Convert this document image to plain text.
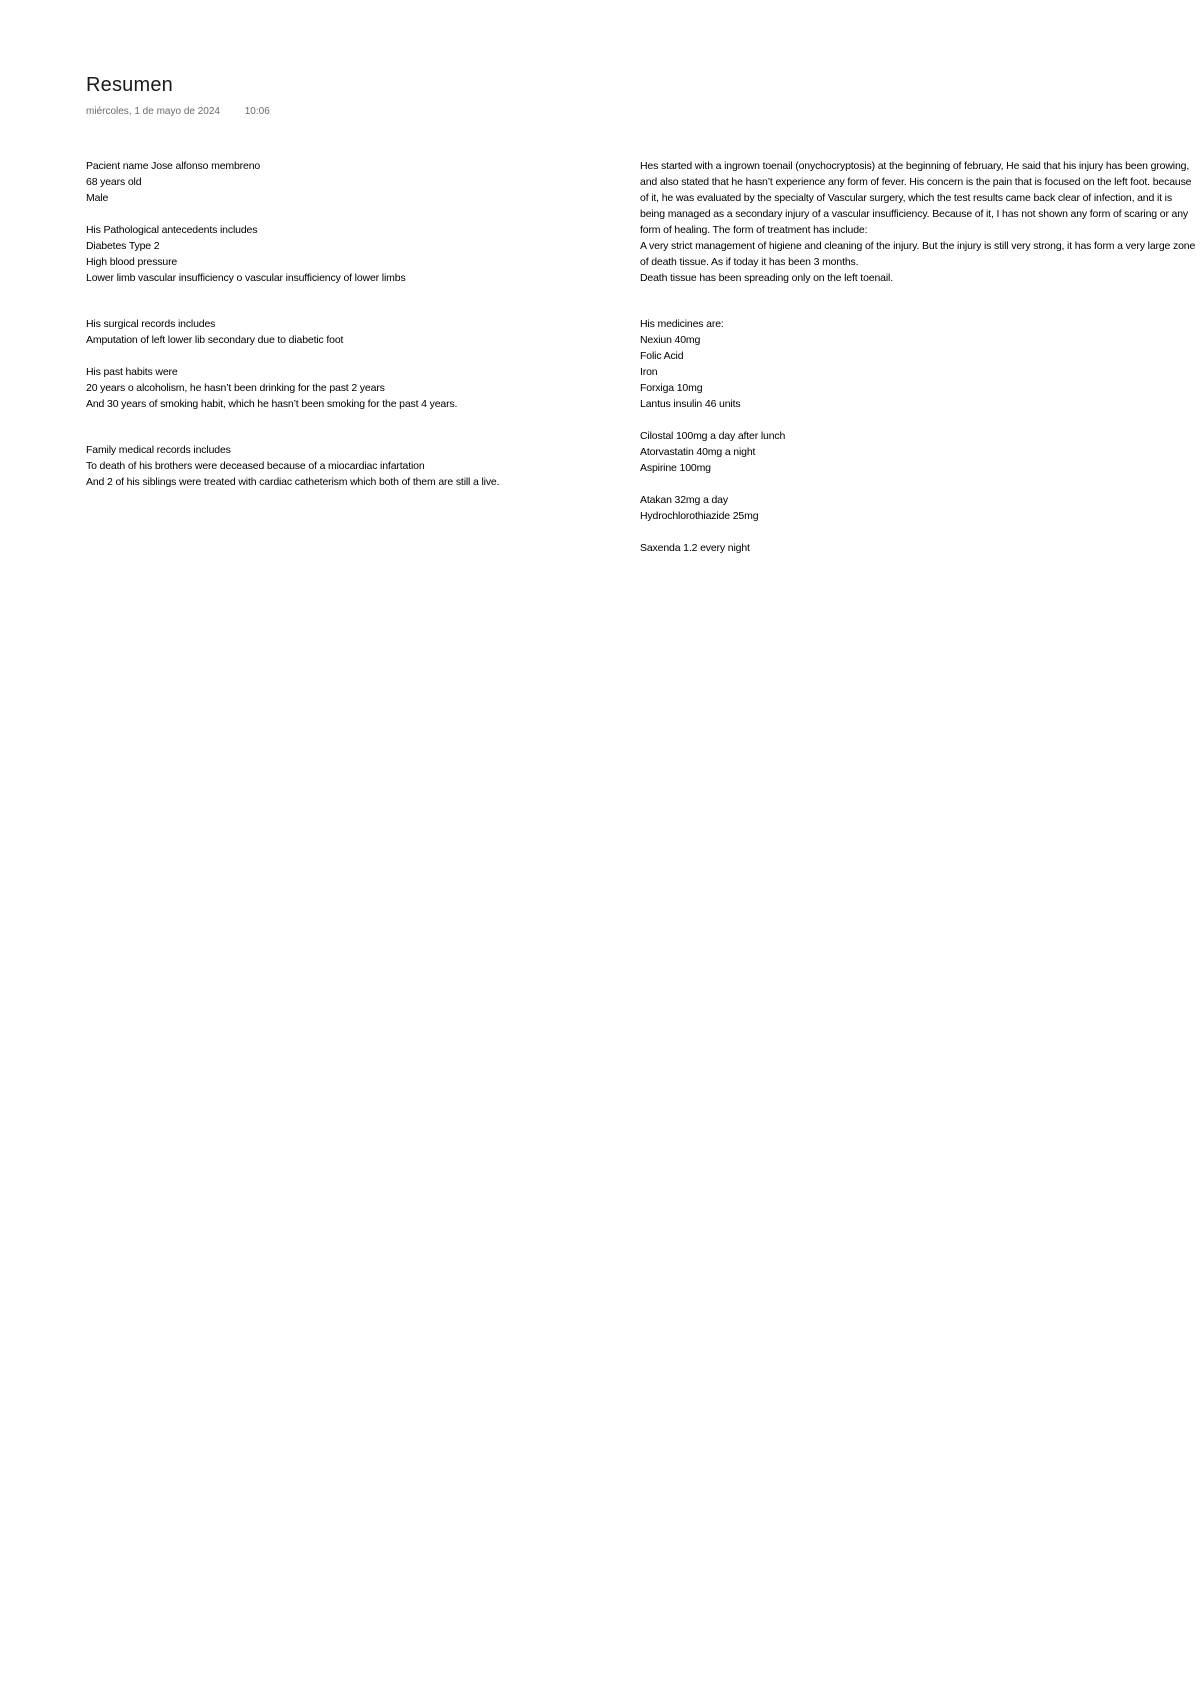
Resumen
miércoles, 1 de mayo de 2024 10:06
Pacient name Jose alfonso membreno
68 years old
Male
His Pathological antecedents includes
Diabetes Type 2
High blood pressure
Lower limb vascular insufficiency o vascular insufficiency of lower limbs
His surgical records includes
Amputation of left lower lib secondary due to diabetic foot
His past habits were
20 years o alcoholism, he hasn’t been drinking for the past 2 years
And 30 years of smoking habit, which he hasn’t been smoking for the past 4 years.
Family medical records includes
To death of his brothers were deceased because of a miocardiac infartation
And 2 of his siblings were treated with cardiac catheterism which both of them are still a live.
Hes started with a ingrown toenail (onychocryptosis) at the beginning of february, He said that his injury has been growing, and also stated that he hasn’t experience any form of fever. His concern is the pain that is focused on the left foot. because of it, he was evaluated by the specialty of Vascular surgery, which the test results came back clear of infection, and it is being managed as a secondary injury of a vascular insufficiency. Because of it, I has not shown any form of scaring or any form of healing. The form of treatment has include:
A very strict management of higiene and cleaning of the injury. But the injury is still very strong, it has form a very large zone of death tissue. As if today it has been 3 months.
Death tissue has been spreading only on the left toenail.
His medicines are:
Nexiun 40mg
Folic Acid
Iron
Forxiga 10mg
Lantus insulin 46 units
Cilostal 100mg a day after lunch
Atorvastatin 40mg a night
Aspirine 100mg
Atakan 32mg a day
Hydrochlorothiazide 25mg
Saxenda 1.2 every night
